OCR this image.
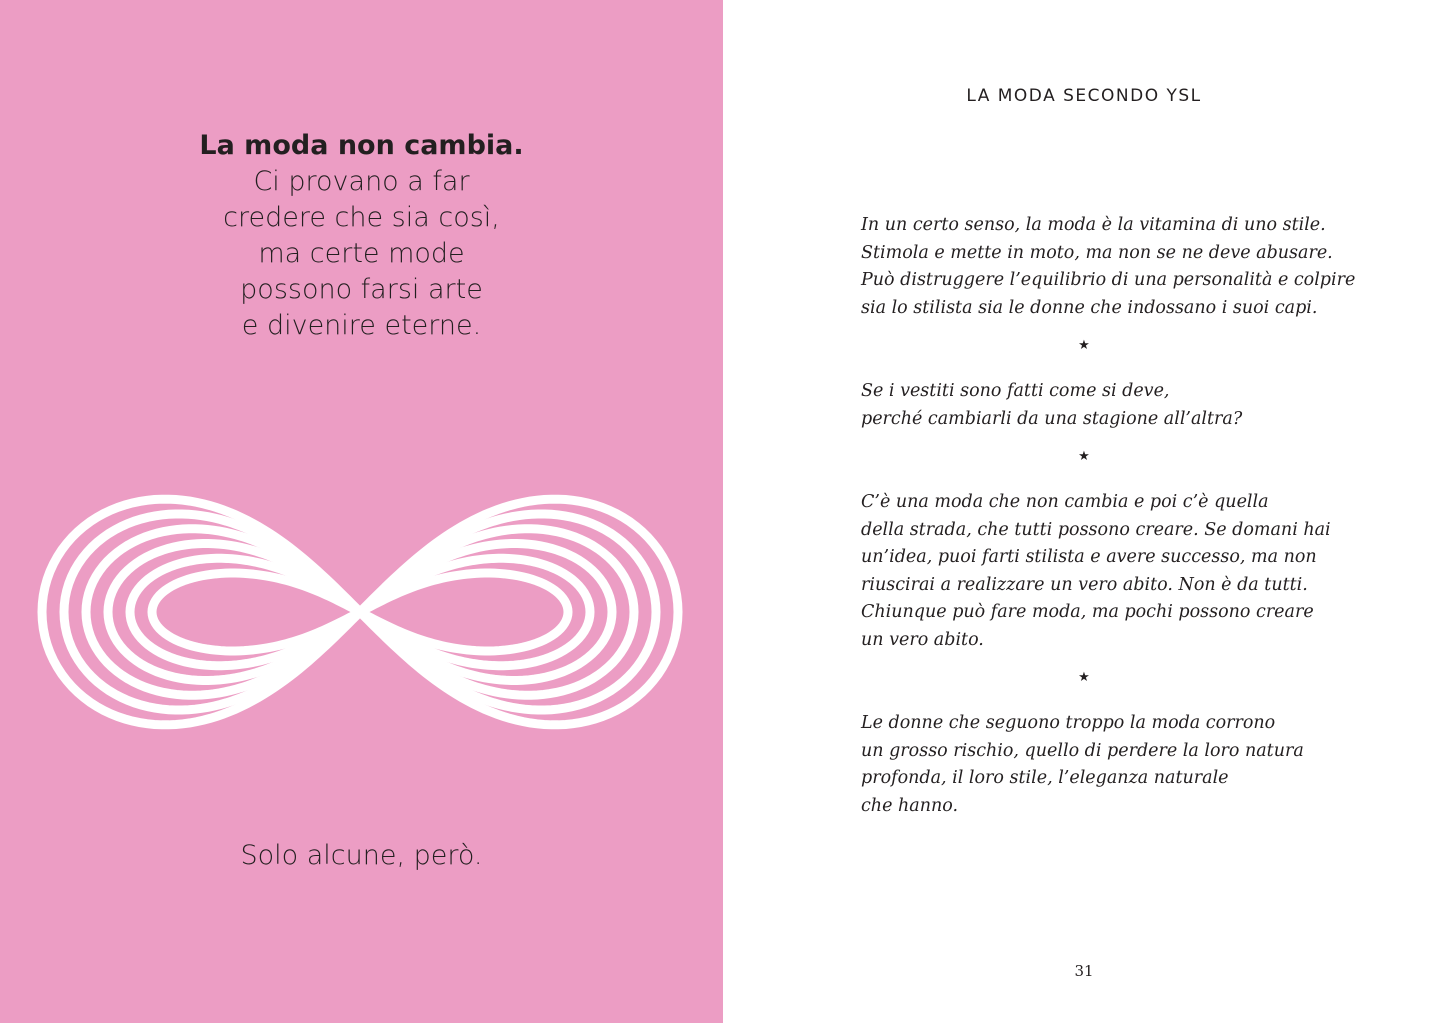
La moda non cambia.
Ci provano a far
credere che sia così,
ma certe mode
possono farsi arte
e divenire eterne.
Solo alcune, però.
LA MODA SECONDO YSL
In un certo senso, la moda è la vitamina di uno stile.
Stimola e mette in moto, ma non se ne deve abusare.
Può distruggere l’equilibrio di una personalità e colpire
sia lo stilista sia le donne che indossano i suoi capi.
★
Se i vestiti sono fatti come si deve,
perché cambiarli da una stagione all’altra?
★
C’è una moda che non cambia e poi c’è quella
della strada, che tutti possono creare. Se domani hai
un’idea, puoi farti stilista e avere successo, ma non
riuscirai a realizzare un vero abito. Non è da tutti.
Chiunque può fare moda, ma pochi possono creare
un vero abito.
★
Le donne che seguono troppo la moda corrono
un grosso rischio, quello di perdere la loro natura
profonda, il loro stile, l’eleganza naturale
che hanno.
31
